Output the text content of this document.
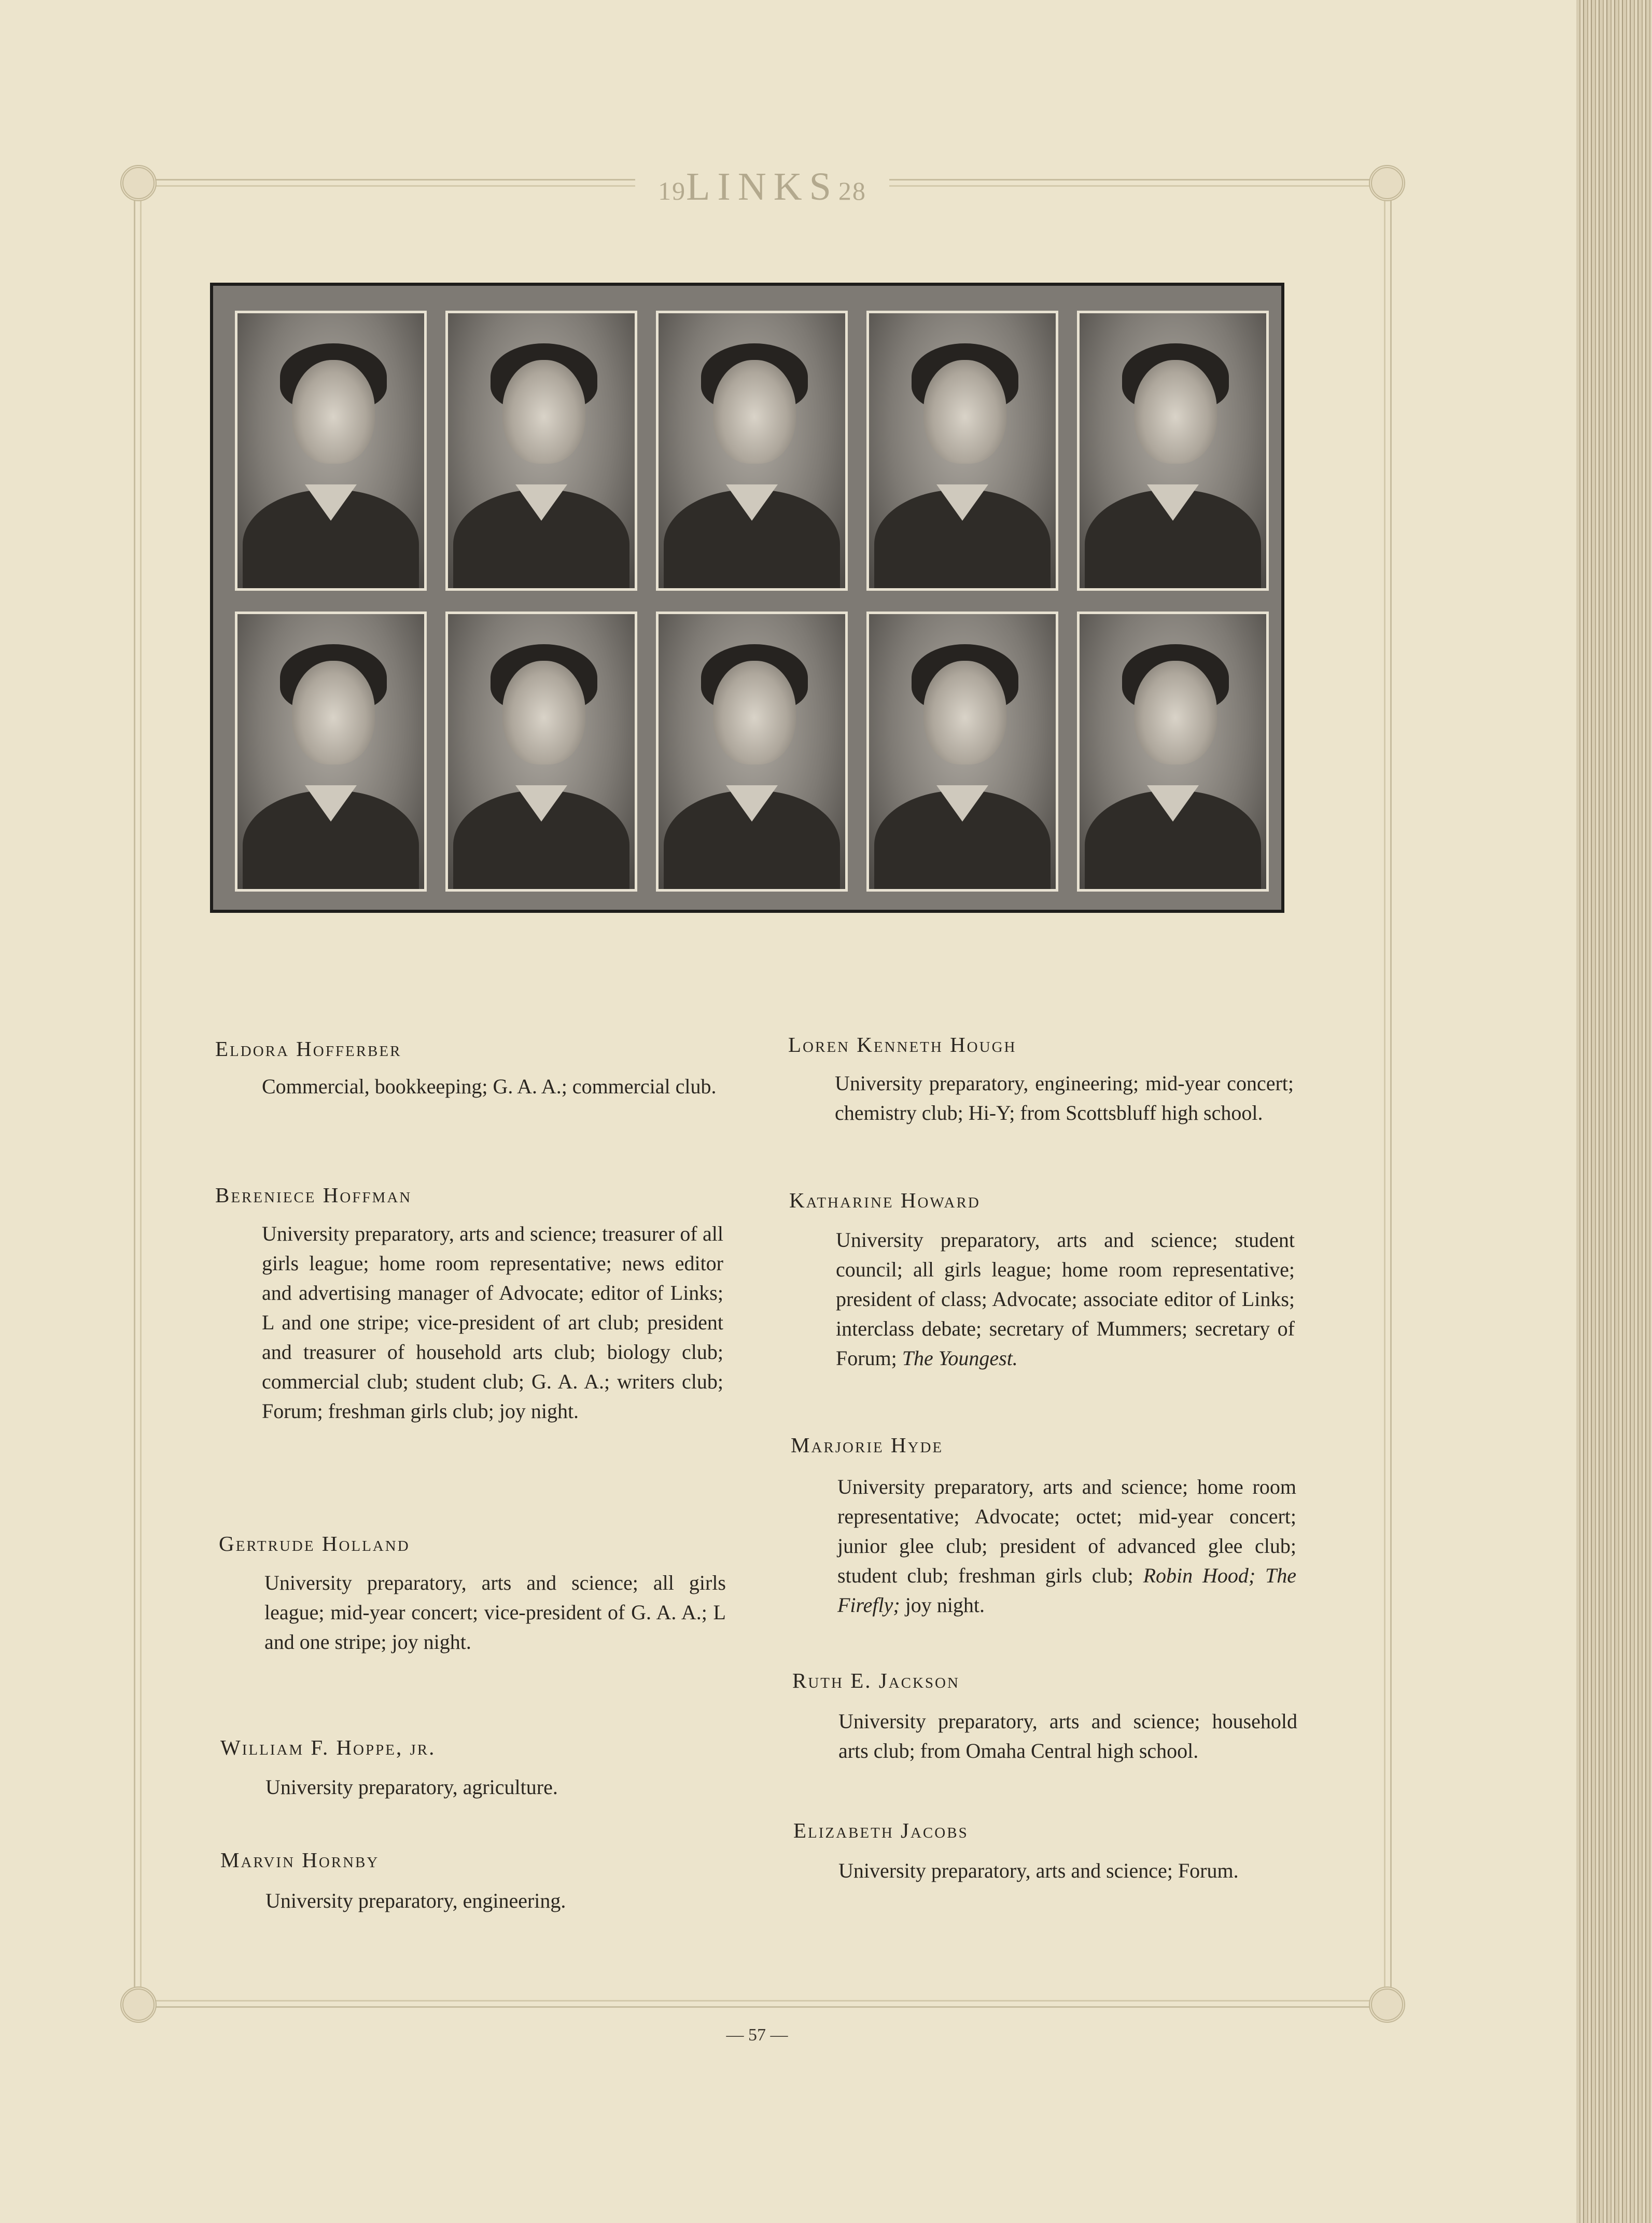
19LINKS28
Eldora Hofferber
Commercial, bookkeeping; G. A. A.; commercial club.
Bereniece Hoffman
University preparatory, arts and science; treasurer of all girls league; home room representative; news editor and advertising manager of Advocate; editor of Links; L and one stripe; vice-president of art club; president and treasurer of household arts club; biology club; commercial club; student club; G. A. A.; writers club; Forum; freshman girls club; joy night.
Gertrude Holland
University preparatory, arts and science; all girls league; mid-year concert; vice-president of G. A. A.; L and one stripe; joy night.
William F. Hoppe, jr.
University preparatory, agriculture.
Marvin Hornby
University preparatory, engineering.
Loren Kenneth Hough
University preparatory, engineering; mid-year concert; chemistry club; Hi-Y; from Scottsbluff high school.
Katharine Howard
University preparatory, arts and science; student council; all girls league; home room representative; president of class; Advocate; associate editor of Links; interclass debate; secretary of Mummers; secretary of Forum; The Youngest.
Marjorie Hyde
University preparatory, arts and science; home room representative; Advocate; octet; mid-year concert; junior glee club; president of advanced glee club; student club; freshman girls club; Robin Hood; The Firefly; joy night.
Ruth E. Jackson
University preparatory, arts and science; household arts club; from Omaha Central high school.
Elizabeth Jacobs
University preparatory, arts and science; Forum.
— 57 —
